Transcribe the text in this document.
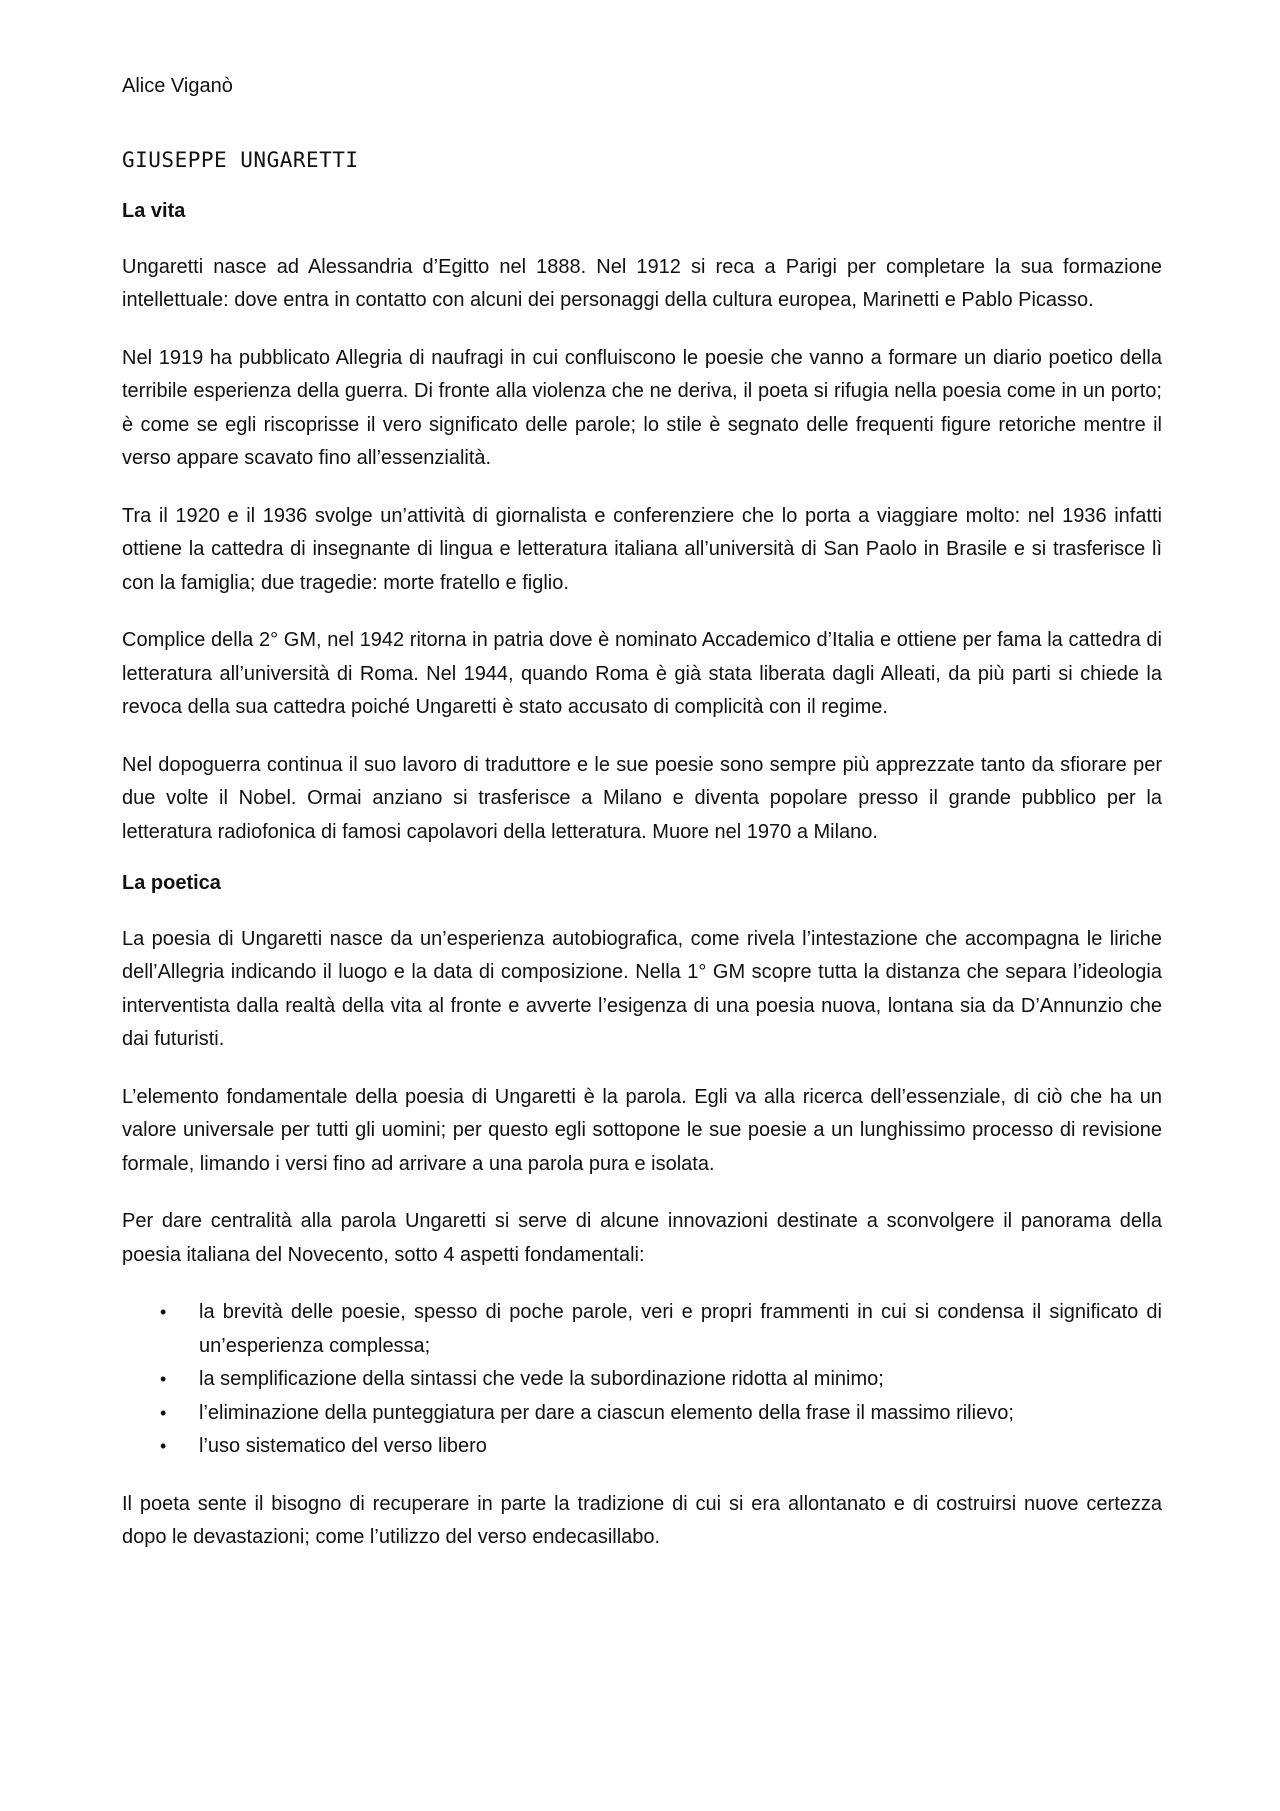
Alice Viganò

GIUSEPPE UNGARETTI
La vita

Ungaretti nasce ad Alessandria d’Egitto nel 1888. Nel 1912 si reca a Parigi per completare la sua formazione intellettuale: dove entra in contatto con alcuni dei personaggi della cultura europea, Marinetti e Pablo Picasso.

Nel 1919 ha pubblicato Allegria di naufragi in cui confluiscono le poesie che vanno a formare un diario poetico della terribile esperienza della guerra. Di fronte alla violenza che ne deriva, il poeta si rifugia nella poesia come in un porto; è come se egli riscoprisse il vero significato delle parole; lo stile è segnato delle frequenti figure retoriche mentre il verso appare scavato fino all’essenzialità.

Tra il 1920 e il 1936 svolge un’attività di giornalista e conferenziere che lo porta a viaggiare molto: nel 1936 infatti ottiene la cattedra di insegnante di lingua e letteratura italiana all’università di San Paolo in Brasile e si trasferisce lì con la famiglia; due tragedie: morte fratello e figlio.

Complice della 2° GM, nel 1942 ritorna in patria dove è nominato Accademico d’Italia e ottiene per fama la cattedra di letteratura all’università di Roma. Nel 1944, quando Roma è già stata liberata dagli Alleati, da più parti si chiede la revoca della sua cattedra poiché Ungaretti è stato accusato di complicità con il regime.

Nel dopoguerra continua il suo lavoro di traduttore e le sue poesie sono sempre più apprezzate tanto da sfiorare per due volte il Nobel. Ormai anziano si trasferisce a Milano e diventa popolare presso il grande pubblico per la letteratura radiofonica di famosi capolavori della letteratura. Muore nel 1970 a Milano.

La poetica

La poesia di Ungaretti nasce da un’esperienza autobiografica, come rivela l’intestazione che accompagna le liriche dell’Allegria indicando il luogo e la data di composizione. Nella 1° GM scopre tutta la distanza che separa l’ideologia interventista dalla realtà della vita al fronte e avverte l’esigenza di una poesia nuova, lontana sia da D’Annunzio che dai futuristi.

L’elemento fondamentale della poesia di Ungaretti è la parola. Egli va alla ricerca dell’essenziale, di ciò che ha un valore universale per tutti gli uomini; per questo egli sottopone le sue poesie a un lunghissimo processo di revisione formale, limando i versi fino ad arrivare a una parola pura e isolata.

Per dare centralità alla parola Ungaretti si serve di alcune innovazioni destinate a sconvolgere il panorama della poesia italiana del Novecento, sotto 4 aspetti fondamentali:

• la brevità delle poesie, spesso di poche parole, veri e propri frammenti in cui si condensa il significato di un’esperienza complessa;
• la semplificazione della sintassi che vede la subordinazione ridotta al minimo;
• l’eliminazione della punteggiatura per dare a ciascun elemento della frase il massimo rilievo;
• l’uso sistematico del verso libero

Il poeta sente il bisogno di recuperare in parte la tradizione di cui si era allontanato e di costruirsi nuove certezza dopo le devastazioni; come l’utilizzo del verso endecasillabo.
